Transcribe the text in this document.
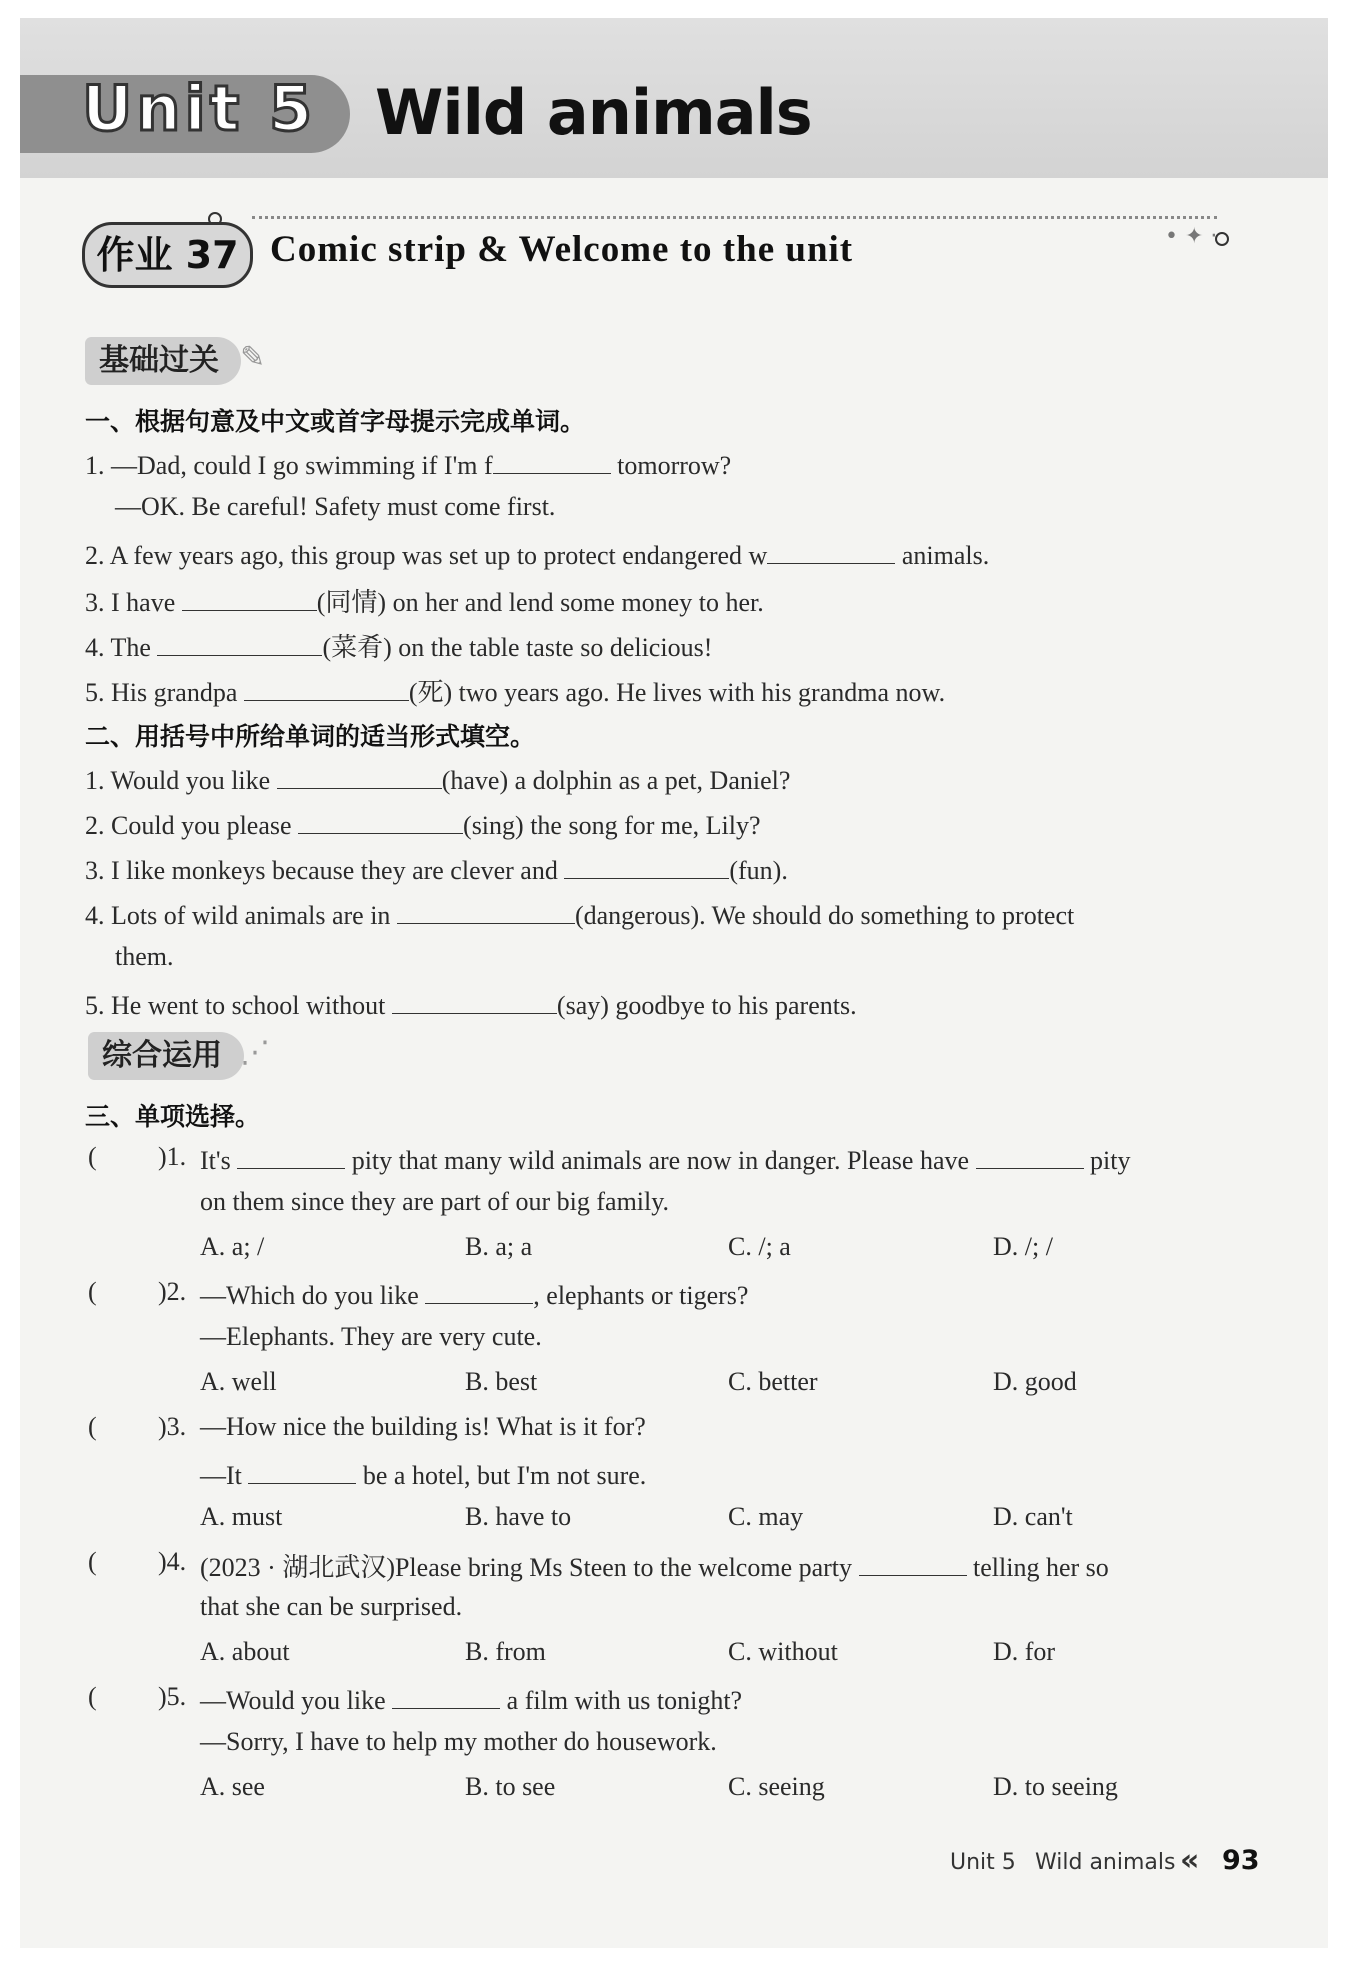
Unit 5 Wild animals
• ✦ ·
作业 37 Comic strip & Welcome to the unit
基础过关 ✎
一、根据句意及中文或首字母提示完成单词。
1. —Dad, could I go swimming if I'm f	tomorrow?
—OK. Be careful! Safety must come first.
2. A few years ago, this group was set up to protect endangered w	animals.
3. I have	(同情) on her and lend some money to her.
4. The	(菜肴) on the table taste so delicious!
5. His grandpa	(死) two years ago. He lives with his grandma now.
二、用括号中所给单词的适当形式填空。
1. Would you like	(have) a dolphin as a pet, Daniel?
2. Could you please	(sing) the song for me, Lily?
3. I like monkeys because they are clever and	(fun).
4. Lots of wild animals are in	(dangerous). We should do something to protect
them.
5. He went to school without	(say) goodbye to his parents.
综合运用 ⋰
三、单项选择。
( )1. It's	pity that many wild animals are now in danger. Please have	pity
on them since they are part of our big family.
A. a; /	B. a; a	C. /; a	D. /; /
( )2. —Which do you like	, elephants or tigers?
—Elephants. They are very cute.
A. well	B. best	C. better	D. good
( )3. —How nice the building is! What is it for?
—It	be a hotel, but I'm not sure.
A. must	B. have to	C. may	D. can't
( )4. (2023 · 湖北武汉)Please bring Ms Steen to the welcome party	telling her so
that she can be surprised.
A. about	B. from	C. without	D. for
( )5. —Would you like	a film with us tonight?
—Sorry, I have to help my mother do housework.
A. see	B. to see	C. seeing	D. to seeing
Unit 5 Wild animals « 93
